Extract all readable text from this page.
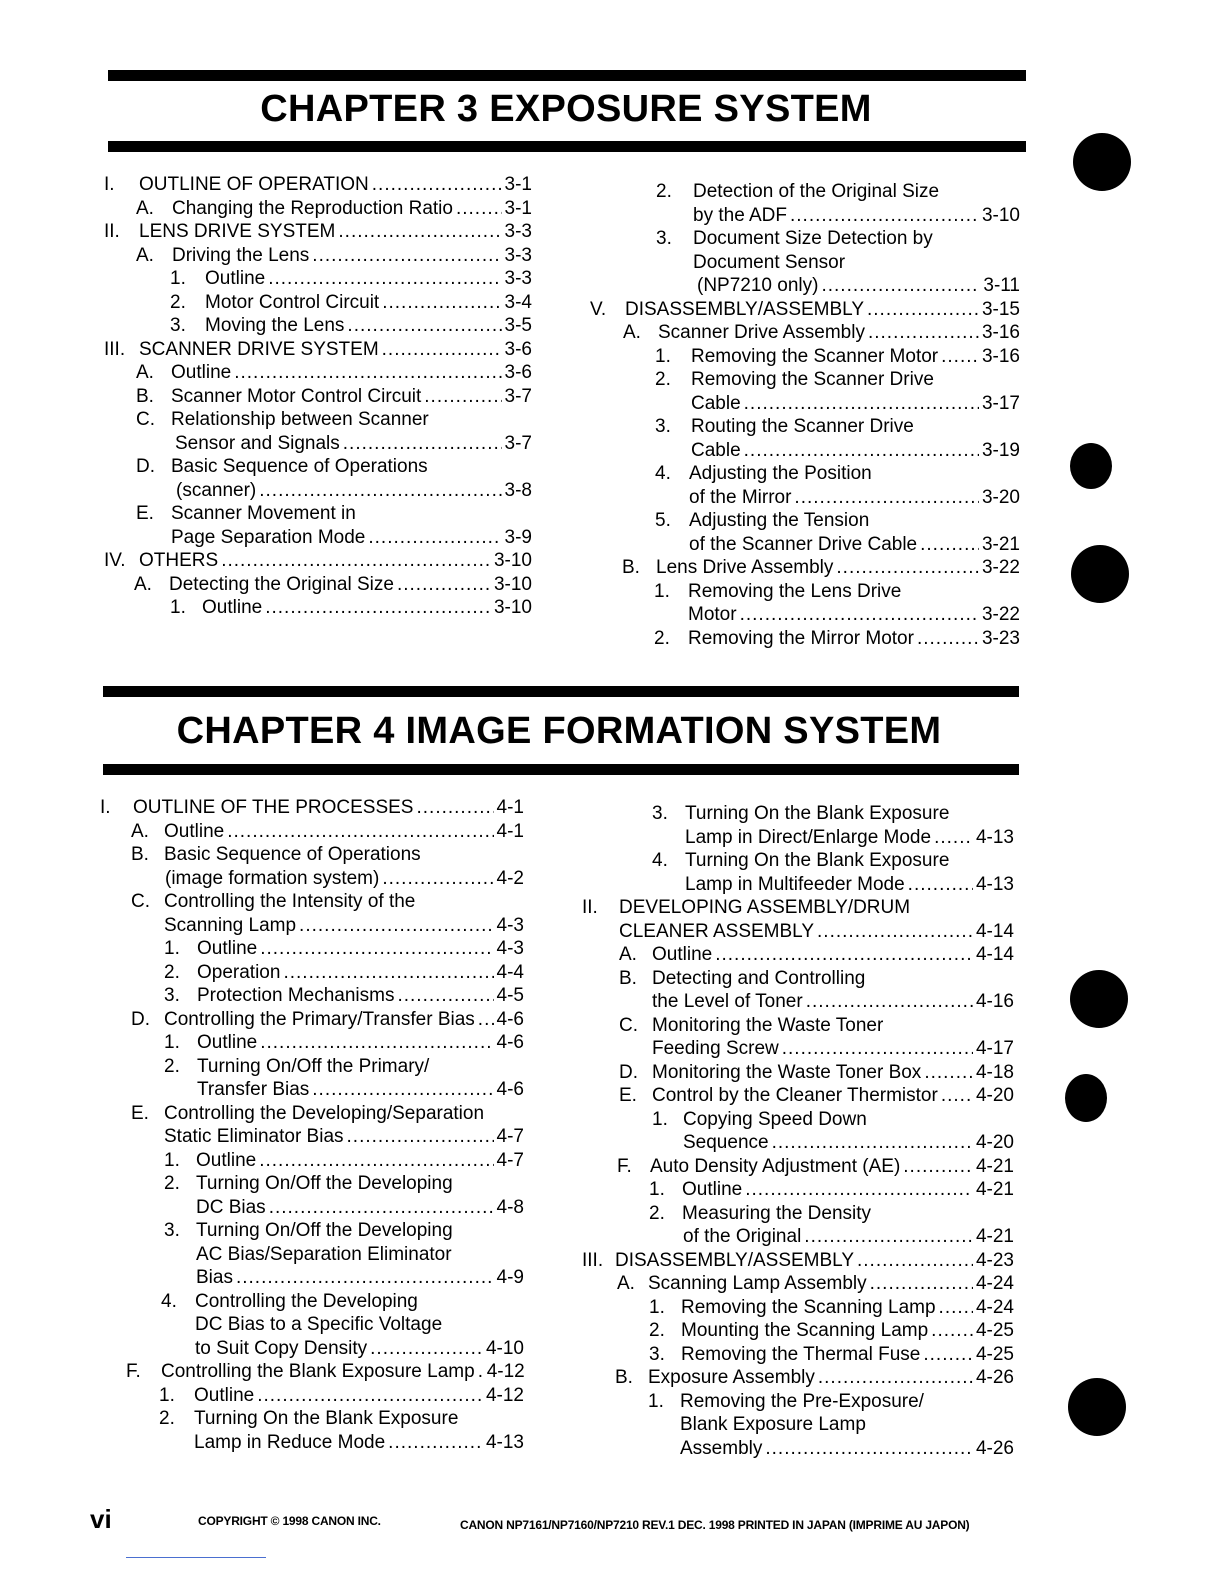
CHAPTER 3 EXPOSURE SYSTEM
I. OUTLINE OF OPERATION .....	3-1
A. Changing the Reproduction Ratio .....	3-1
II. LENS DRIVE SYSTEM .....	3-3
A. Driving the Lens .....	3-3
1. Outline .....	3-3
2. Motor Control Circuit .....	3-4
3. Moving the Lens .....	3-5
III. SCANNER DRIVE SYSTEM .....	3-6
A. Outline .....	3-6
B. Scanner Motor Control Circuit .....	3-7
C. Relationship between Scanner
Sensor and Signals .....	3-7
D. Basic Sequence of Operations
(scanner) .....	3-8
E. Scanner Movement in
Page Separation Mode .....	3-9
IV. OTHERS .....	3-10
A. Detecting the Original Size .....	3-10
1. Outline .....	3-10
2. Detection of the Original Size
by the ADF .....	3-10
3. Document Size Detection by
Document Sensor
(NP7210 only) .....	3-11
V. DISASSEMBLY/ASSEMBLY .....	3-15
A. Scanner Drive Assembly .....	3-16
1. Removing the Scanner Motor ..... 3-16
2. Removing the Scanner Drive
Cable .....	3-17
3. Routing the Scanner Drive
Cable .....	3-19
4. Adjusting the Position
of the Mirror .....	3-20
5. Adjusting the Tension
of the Scanner Drive Cable .....	3-21
B. Lens Drive Assembly .....	3-22
1. Removing the Lens Drive
Motor .....	3-22
2. Removing the Mirror Motor .....	3-23
CHAPTER 4 IMAGE FORMATION SYSTEM
I. OUTLINE OF THE PROCESSES .....	4-1
A. Outline .....	4-1
B. Basic Sequence of Operations
(image formation system) .....	4-2
C. Controlling the Intensity of the
Scanning Lamp .....	4-3
1. Outline .....	4-3
2. Operation .....	4-4
3. Protection Mechanisms .....	4-5
D. Controlling the Primary/Transfer Bias ..... 4-6
1. Outline .....	4-6
2. Turning On/Off the Primary/
Transfer Bias .....	4-6
E. Controlling the Developing/Separation
Static Eliminator Bias .....	4-7
1. Outline .....	4-7
2. Turning On/Off the Developing
DC Bias .....	4-8
3. Turning On/Off the Developing
AC Bias/Separation Eliminator
Bias .....	4-9
4. Controlling the Developing
DC Bias to a Specific Voltage
to Suit Copy Density .....	4-10
F. Controlling the Blank Exposure Lamp ..... 4-12
1. Outline .....	4-12
2. Turning On the Blank Exposure
Lamp in Reduce Mode .....	4-13
3. Turning On the Blank Exposure
Lamp in Direct/Enlarge Mode ..... 4-13
4. Turning On the Blank Exposure
Lamp in Multifeeder Mode .....	4-13
II. DEVELOPING ASSEMBLY/DRUM
CLEANER ASSEMBLY .....	4-14
A. Outline .....	4-14
B. Detecting and Controlling
the Level of Toner .....	4-16
C. Monitoring the Waste Toner
Feeding Screw .....	4-17
D. Monitoring the Waste Toner Box .....	4-18
E. Control by the Cleaner Thermistor ..... 4-20
1. Copying Speed Down
Sequence .....	4-20
F. Auto Density Adjustment (AE) .....	4-21
1. Outline .....	4-21
2. Measuring the Density
of the Original .....	4-21
III. DISASSEMBLY/ASSEMBLY .....	4-23
A. Scanning Lamp Assembly .....	4-24
1. Removing the Scanning Lamp ..... 4-24
2. Mounting the Scanning Lamp .....	4-25
3. Removing the Thermal Fuse .....	4-25
B. Exposure Assembly .....	4-26
1. Removing the Pre-Exposure/
Blank Exposure Lamp
Assembly .....	4-26
vi	COPYRIGHT © 1998 CANON INC.	CANON NP7161/NP7160/NP7210 REV.1 DEC. 1998 PRINTED IN JAPAN (IMPRIME AU JAPON)
